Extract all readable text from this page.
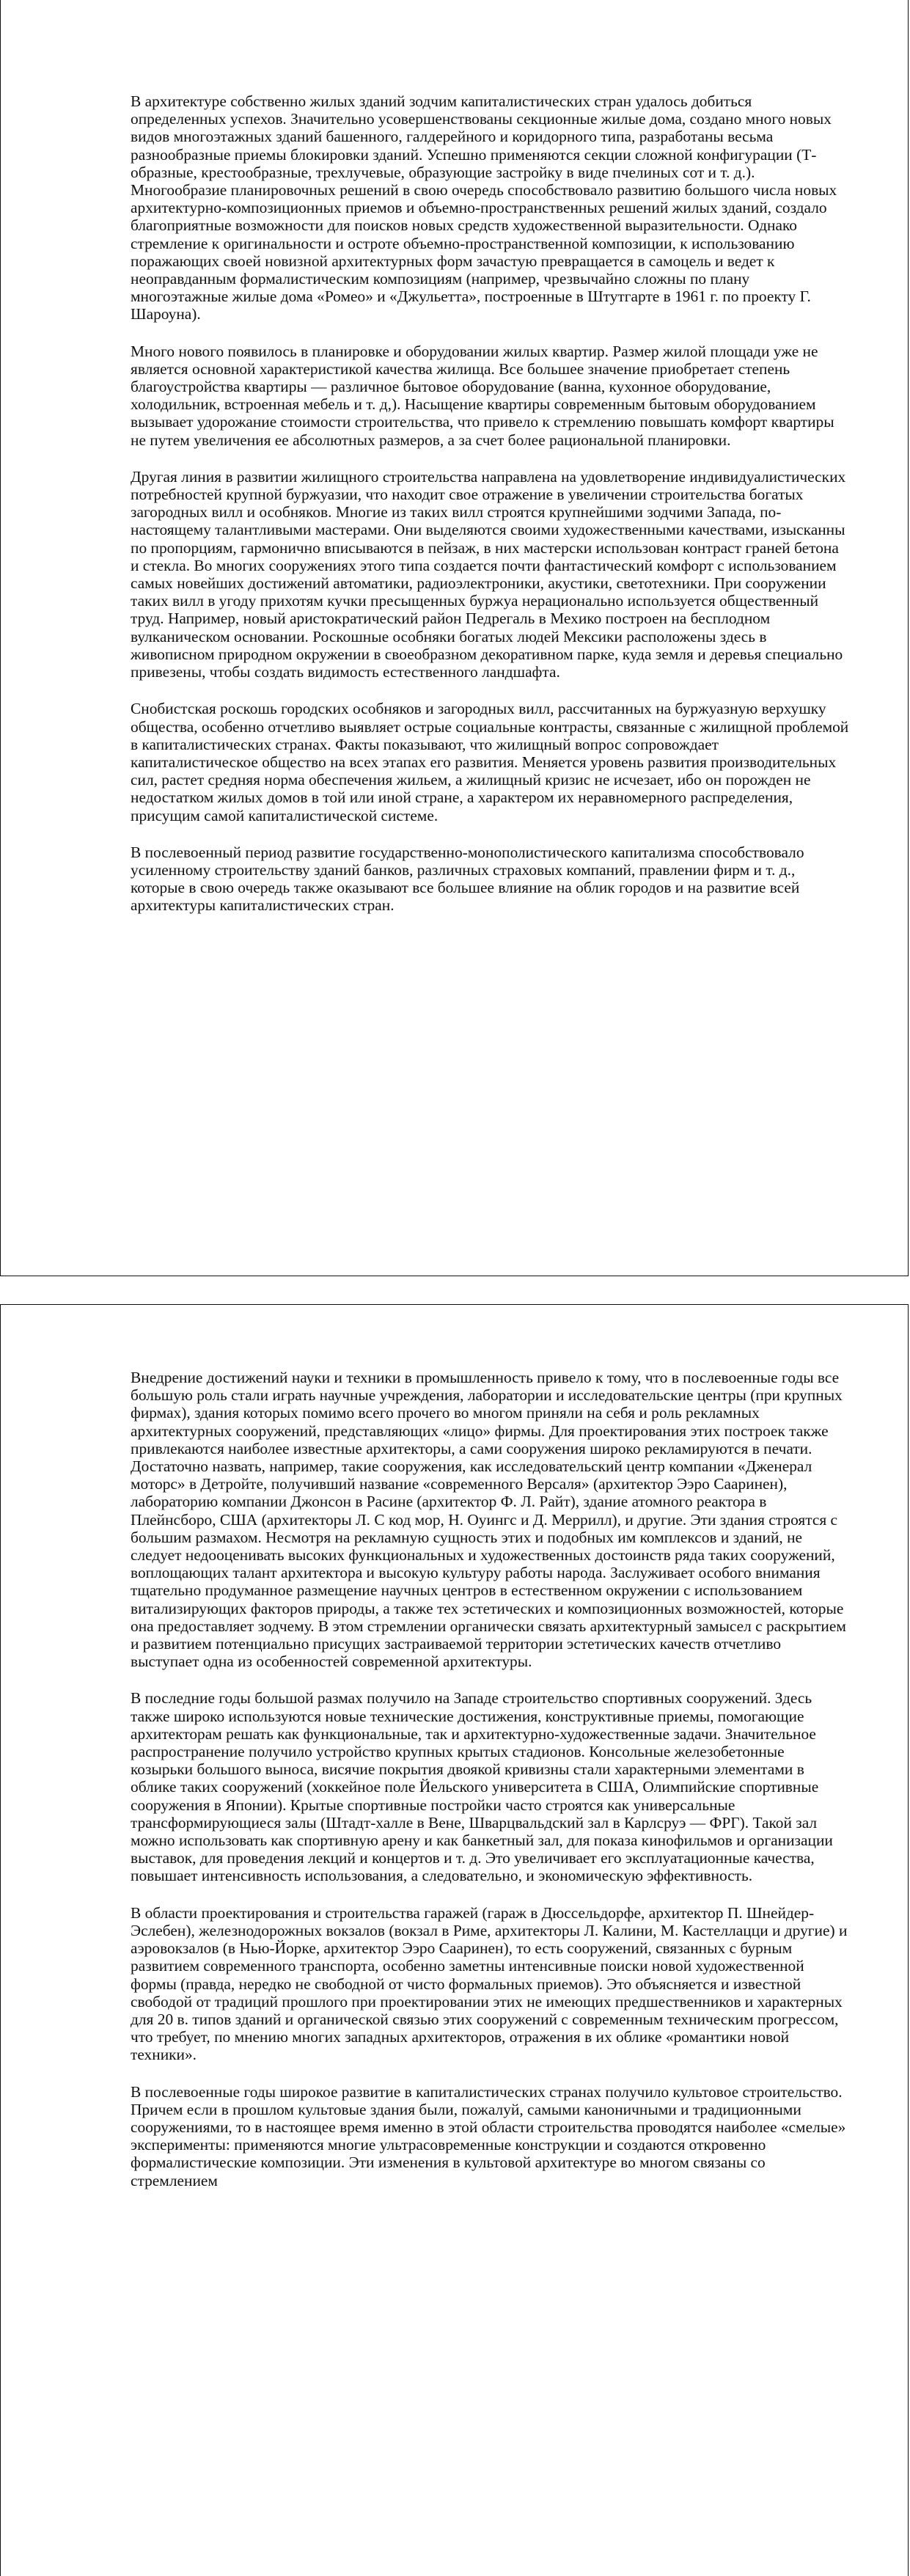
В архитектуре собственно жилых зданий зодчим капиталистических стран удалось добиться определенных успехов. Значительно усовершенствованы секционные жилые дома, создано много новых видов многоэтажных зданий башенного, галдерейного и коридорного типа, разработаны весьма разнообразные приемы блокировки зданий. Успешно применяются секции сложной конфигурации (Т-образные, крестообразные, трехлучевые, образующие застройку в виде пчелиных сот и т. д.). Многообразие планировочных решений в свою очередь способствовало развитию большого числа новых архитектурно-композиционных приемов и объемно-пространственных решений жилых зданий, создало благоприятные возможности для поисков новых средств художественной выразительности. Однако стремление к оригинальности и остроте объемно-пространственной композиции, к использованию поражающих своей новизной архитектурных форм зачастую превращается в самоцель и ведет к неоправданным формалистическим композициям (например, чрезвычайно сложны по плану многоэтажные жилые дома «Ромео» и «Джульетта», построенные в Штутгарте в 1961 г. по проекту Г. Шароуна).

Много нового появилось в планировке и оборудовании жилых квартир. Размер жилой площади уже не является основной характеристикой качества жилища. Все большее значение приобретает степень благоустройства квартиры — различное бытовое оборудование (ванна, кухонное оборудование, холодильник, встроенная мебель и т. д,). Насыщение квартиры современным бытовым оборудованием вызывает удорожание стоимости строительства, что привело к стремлению повышать комфорт квартиры не путем увеличения ее абсолютных размеров, а за счет более рациональной планировки.

Другая линия в развитии жилищного строительства направлена на удовлетворение индивидуалистических потребностей крупной буржуазии, что находит свое отражение в увеличении строительства богатых загородных вилл и особняков. Многие из таких вилл строятся крупнейшими зодчими Запада, по-настоящему талантливыми мастерами. Они выделяются своими художественными качествами, изысканны по пропорциям, гармонично вписываются в пейзаж, в них мастерски использован контраст граней бетона и стекла. Во многих сооружениях этого типа создается почти фантастический комфорт с использованием самых новейших достижений автоматики, радиоэлектроники, акустики, светотехники. При сооружении таких вилл в угоду прихотям кучки пресыщенных буржуа нерационально используется общественный труд. Например, новый аристократический район Педрегаль в Мехико построен на бесплодном вулканическом основании. Роскошные особняки богатых людей Мексики расположены здесь в живописном природном окружении в своеобразном декоративном парке, куда земля и деревья специально привезены, чтобы создать видимость естественного ландшафта.

Снобистская роскошь городских особняков и загородных вилл, рассчитанных на буржуазную верхушку общества, особенно отчетливо выявляет острые социальные контрасты, связанные с жилищной проблемой в капиталистических странах. Факты показывают, что жилищный вопрос сопровождает капиталистическое общество на всех этапах его развития. Меняется уровень развития производительных сил, растет средняя норма обеспечения жильем, а жилищный кризис не исчезает, ибо он порожден не недостатком жилых домов в той или иной стране, а характером их неравномерного распределения, присущим самой капиталистической системе.

В послевоенный период развитие государственно-монополистического капитализма способствовало усиленному строительству зданий банков, различных страховых компаний, правлении фирм и т. д., которые в свою очередь также оказывают все большее влияние на облик городов и на развитие всей архитектуры капиталистических стран.

Внедрение достижений науки и техники в промышленность привело к тому, что в послевоенные годы все большую роль стали играть научные учреждения, лаборатории и исследовательские центры (при крупных фирмах), здания которых помимо всего прочего во многом приняли на себя и роль рекламных архитектурных сооружений, представляющих «лицо» фирмы. Для проектирования этих построек также привлекаются наиболее известные архитекторы, а сами сооружения широко рекламируются в печати. Достаточно назвать, например, такие сооружения, как исследовательский центр компании «Дженерал моторс» в Детройте, получивший название «современного Версаля» (архитектор Ээро Сааринен), лабораторию компании Джонсон в Расине (архитектор Ф. Л. Райт), здание атомного реактора в Плейнсборо, США (архитекторы Л. С код мор, Н. Оуингс и Д. Меррилл), и другие. Эти здания строятся с большим размахом. Несмотря на рекламную сущность этих и подобных им комплексов и зданий, не следует недооценивать высоких функциональных и художественных достоинств ряда таких сооружений, воплощающих талант архитектора и высокую культуру работы народа. Заслуживает особого внимания тщательно продуманное размещение научных центров в естественном окружении с использованием витализирующих факторов природы, а также тех эстетических и композиционных возможностей, которые она предоставляет зодчему. В этом стремлении органически связать архитектурный замысел с раскрытием и развитием потенциально присущих застраиваемой территории эстетических качеств отчетливо выступает одна из особенностей современной архитектуры.

В последние годы большой размах получило на Западе строительство спортивных сооружений. Здесь также широко используются новые технические достижения, конструктивные приемы, помогающие архитекторам решать как функциональные, так и архитектурно-художественные задачи. Значительное распространение получило устройство крупных крытых стадионов. Консольные железобетонные козырьки большого выноса, висячие покрытия двоякой кривизны стали характерными элементами в облике таких сооружений (хоккейное поле Йельского университета в США, Олимпийские спортивные сооружения в Японии). Крытые спортивные постройки часто строятся как универсальные трансформирующиеся залы (Штадт-халле в Вене, Шварцвальдский зал в Карлсруэ — ФРГ). Такой зал можно использовать как спортивную арену и как банкетный зал, для показа кинофильмов и организации выставок, для проведения лекций и концертов и т. д. Это увеличивает его эксплуатационные качества, повышает интенсивность использования, а следовательно, и экономическую эффективность.

В области проектирования и строительства гаражей (гараж в Дюссельдорфе, архитектор П. Шнейдер-Эслебен), железнодорожных вокзалов (вокзал в Риме, архитекторы Л. Калини, М. Кастеллацци и другие) и аэровокзалов (в Нью-Йорке, архитектор Ээро Сааринен), то есть сооружений, связанных с бурным развитием современного транспорта, особенно заметны интенсивные поиски новой художественной формы (правда, нередко не свободной от чисто формальных приемов). Это объясняется и известной свободой от традиций прошлого при проектировании этих не имеющих предшественников и характерных для 20 в. типов зданий и органической связью этих сооружений с современным техническим прогрессом, что требует, по мнению многих западных архитекторов, отражения в их облике «романтики новой техники».

В послевоенные годы широкое развитие в капиталистических странах получило культовое строительство. Причем если в прошлом культовые здания были, пожалуй, самыми каноничными и традиционными сооружениями, то в настоящее время именно в этой области строительства проводятся наиболее «смелые» эксперименты: применяются многие ультрасовременные конструкции и создаются откровенно формалистические композиции. Эти изменения в культовой архитектуре во многом связаны со стремлением
